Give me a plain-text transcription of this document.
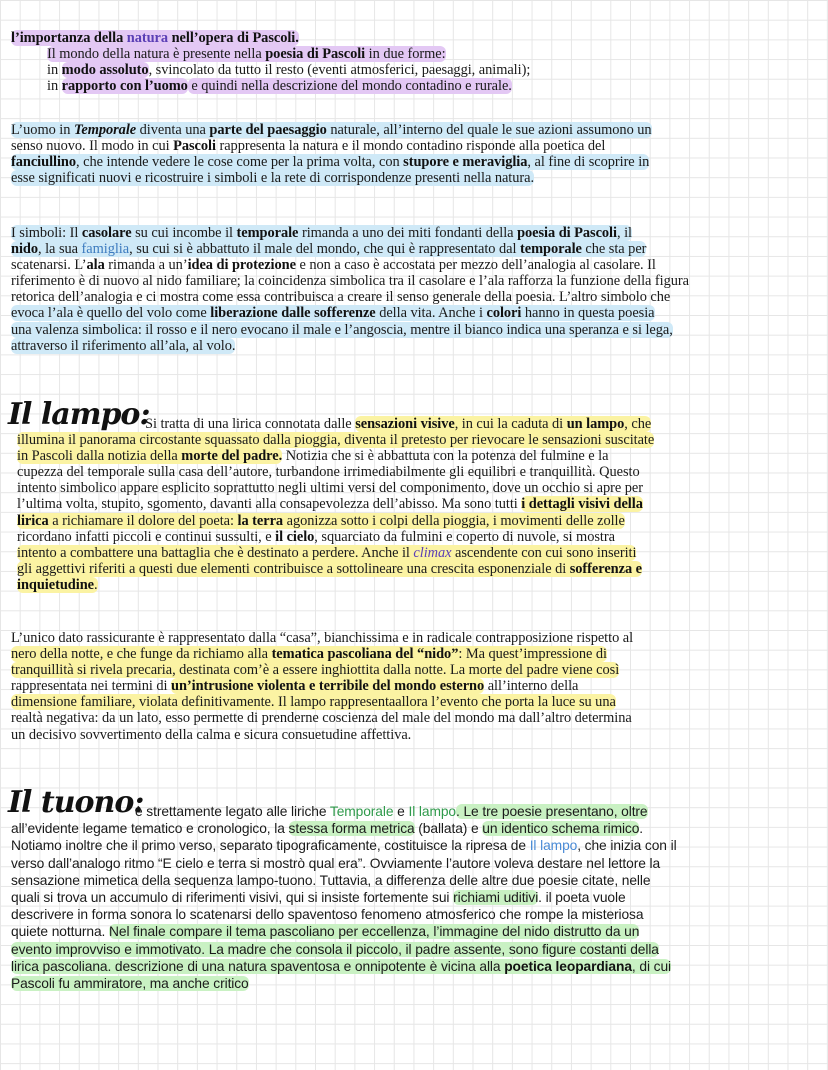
l’importanza della natura nell’opera di Pascoli.
Il mondo della natura è presente nella poesia di Pascoli in due forme:
in modo assoluto, svincolato da tutto il resto (eventi atmosferici, paesaggi, animali);
in rapporto con l’uomo e quindi nella descrizione del mondo contadino e rurale.
L’uomo in Temporale diventa una parte del paesaggio naturale, all’interno del quale le sue azioni assumono un
senso nuovo. Il modo in cui Pascoli rappresenta la natura e il mondo contadino risponde alla poetica del
fanciullino, che intende vedere le cose come per la prima volta, con stupore e meraviglia, al fine di scoprire in
esse significati nuovi e ricostruire i simboli e la rete di corrispondenze presenti nella natura.
I simboli: Il casolare su cui incombe il temporale rimanda a uno dei miti fondanti della poesia di Pascoli, il
nido, la sua famiglia, su cui si è abbattuto il male del mondo, che qui è rappresentato dal temporale che sta per
scatenarsi. L’ala rimanda a un’idea di protezione e non a caso è accostata per mezzo dell’analogia al casolare. Il
riferimento è di nuovo al nido familiare; la coincidenza simbolica tra il casolare e l’ala rafforza la funzione della figura
retorica dell’analogia e ci mostra come essa contribuisca a creare il senso generale della poesia. L’altro simbolo che
evoca l’ala è quello del volo come liberazione dalle sofferenze della vita. Anche i colori hanno in questa poesia
una valenza simbolica: il rosso e il nero evocano il male e l’angoscia, mentre il bianco indica una speranza e si lega,
attraverso il riferimento all’ala, al volo.
Il lampo:
Si tratta di una lirica connotata dalle sensazioni visive, in cui la caduta di un lampo, che
illumina il panorama circostante squassato dalla pioggia, diventa il pretesto per rievocare le sensazioni suscitate
in Pascoli dalla notizia della morte del padre. Notizia che si è abbattuta con la potenza del fulmine e la
cupezza del temporale sulla casa dell’autore, turbandone irrimediabilmente gli equilibri e tranquillità. Questo
intento simbolico appare esplicito soprattutto negli ultimi versi del componimento, dove un occhio si apre per
l’ultima volta, stupito, sgomento, davanti alla consapevolezza dell’abisso. Ma sono tutti i dettagli visivi della
lirica a richiamare il dolore del poeta: la terra agonizza sotto i colpi della pioggia, i movimenti delle zolle
ricordano infatti piccoli e continui sussulti, e il cielo, squarciato da fulmini e coperto di nuvole, si mostra
intento a combattere una battaglia che è destinato a perdere. Anche il climax ascendente con cui sono inseriti
gli aggettivi riferiti a questi due elementi contribuisce a sottolineare una crescita esponenziale di sofferenza e
inquietudine.
L’unico dato rassicurante è rappresentato dalla “casa”, bianchissima e in radicale contrapposizione rispetto al
nero della notte, e che funge da richiamo alla tematica pascoliana del “nido”: Ma quest’impressione di
tranquillità si rivela precaria, destinata com’è a essere inghiottita dalla notte. La morte del padre viene così
rappresentata nei termini di un’intrusione violenta e terribile del mondo esterno all’interno della
dimensione familiare, violata definitivamente. Il lampo rappresentaallora l’evento che porta la luce su una
realtà negativa: da un lato, esso permette di prenderne coscienza del male del mondo ma dall’altro determina
un decisivo sovvertimento della calma e sicura consuetudine affettiva.
Il tuono:
è strettamente legato alle liriche Temporale e Il lampo. Le tre poesie presentano, oltre
all’evidente legame tematico e cronologico, la stessa forma metrica (ballata) e un identico schema rimico.
Notiamo inoltre che il primo verso, separato tipograficamente, costituisce la ripresa de Il lampo, che inizia con il
verso dall’analogo ritmo “E cielo e terra si mostrò qual era”. Ovviamente l’autore voleva destare nel lettore la
sensazione mimetica della sequenza lampo-tuono. Tuttavia, a differenza delle altre due poesie citate, nelle
quali si trova un accumulo di riferimenti visivi, qui si insiste fortemente sui richiami uditivi. il poeta vuole
descrivere in forma sonora lo scatenarsi dello spaventoso fenomeno atmosferico che rompe la misteriosa
quiete notturna. Nel finale compare il tema pascoliano per eccellenza, l’immagine del nido distrutto da un
evento improvviso e immotivato. La madre che consola il piccolo, il padre assente, sono figure costanti della
lirica pascoliana. descrizione di una natura spaventosa e onnipotente è vicina alla poetica leopardiana, di cui
Pascoli fu ammiratore, ma anche critico
